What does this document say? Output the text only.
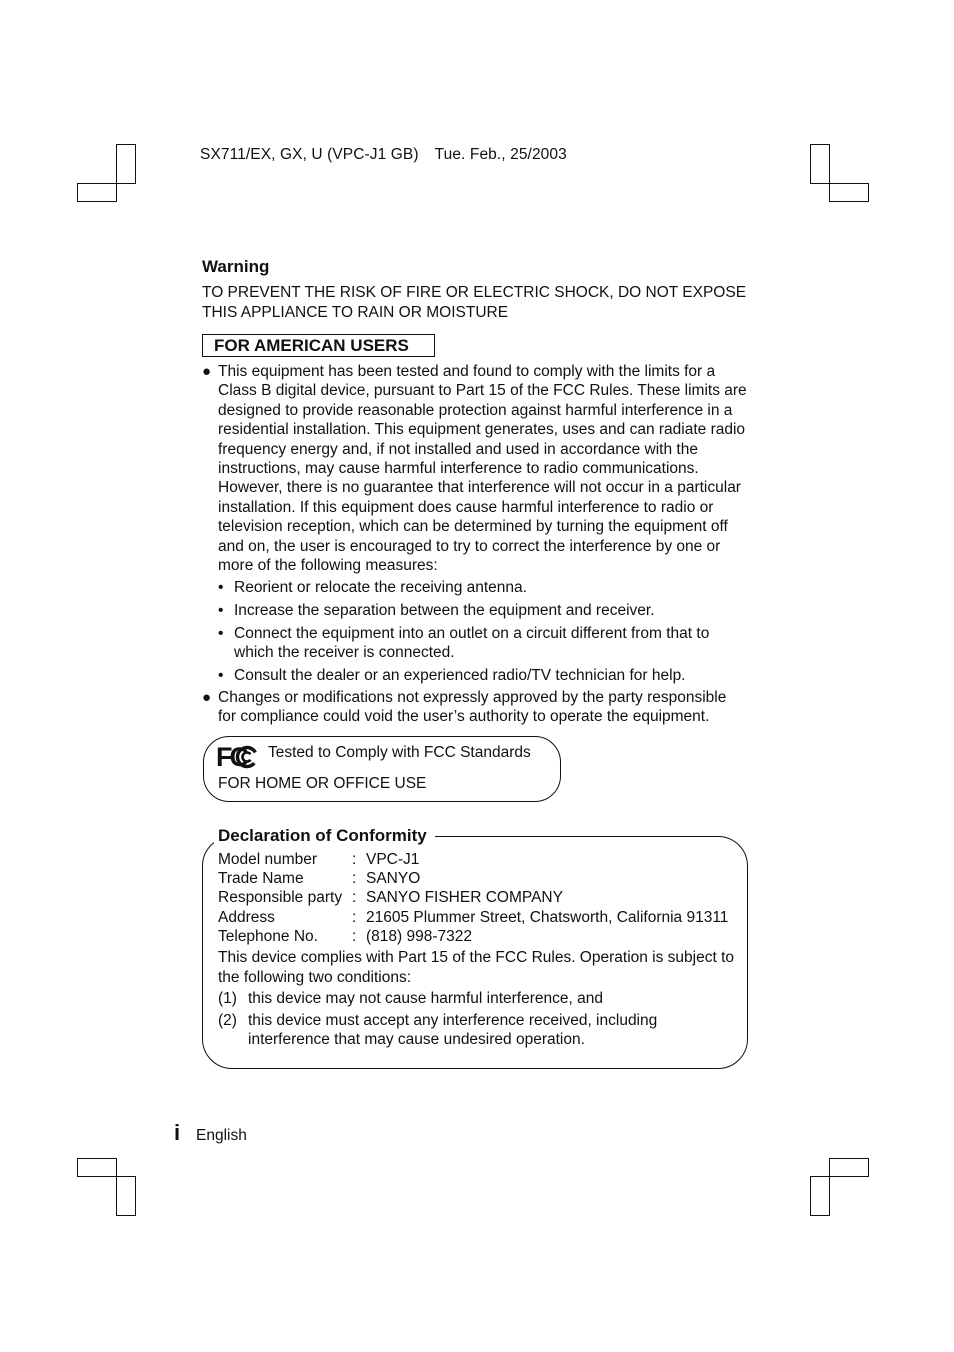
SX711/EX, GX, U (VPC-J1 GB) Tue. Feb., 25/2003
Warning
TO PREVENT THE RISK OF FIRE OR ELECTRIC SHOCK, DO NOT EXPOSE THIS APPLIANCE TO RAIN OR MOISTURE
FOR AMERICAN USERS
● This equipment has been tested and found to comply with the limits for a Class B digital device, pursuant to Part 15 of the FCC Rules. These limits are designed to provide reasonable protection against harmful interference in a residential installation. This equipment generates, uses and can radiate radio frequency energy and, if not installed and used in accordance with the instructions, may cause harmful interference to radio communications. However, there is no guarantee that interference will not occur in a particular installation. If this equipment does cause harmful interference to radio or television reception, which can be determined by turning the equipment off and on, the user is encouraged to try to correct the interference by one or more of the following measures:
• Reorient or relocate the receiving antenna.
• Increase the separation between the equipment and receiver.
• Connect the equipment into an outlet on a circuit different from that to which the receiver is connected.
• Consult the dealer or an experienced radio/TV technician for help.
● Changes or modifications not expressly approved by the party responsible for compliance could void the user’s authority to operate the equipment.
FC Tested to Comply with FCC Standards
FOR HOME OR OFFICE USE
Declaration of Conformity
Model number : VPC-J1
Trade Name	: SANYO
Responsible party : SANYO FISHER COMPANY
Address	: 21605 Plummer Street, Chatsworth, California 91311
Telephone No. : (818) 998-7322
This device complies with Part 15 of the FCC Rules. Operation is subject to the following two conditions:
(1) this device may not cause harmful interference, and
(2) this device must accept any interference received, including interference that may cause undesired operation.
i English
